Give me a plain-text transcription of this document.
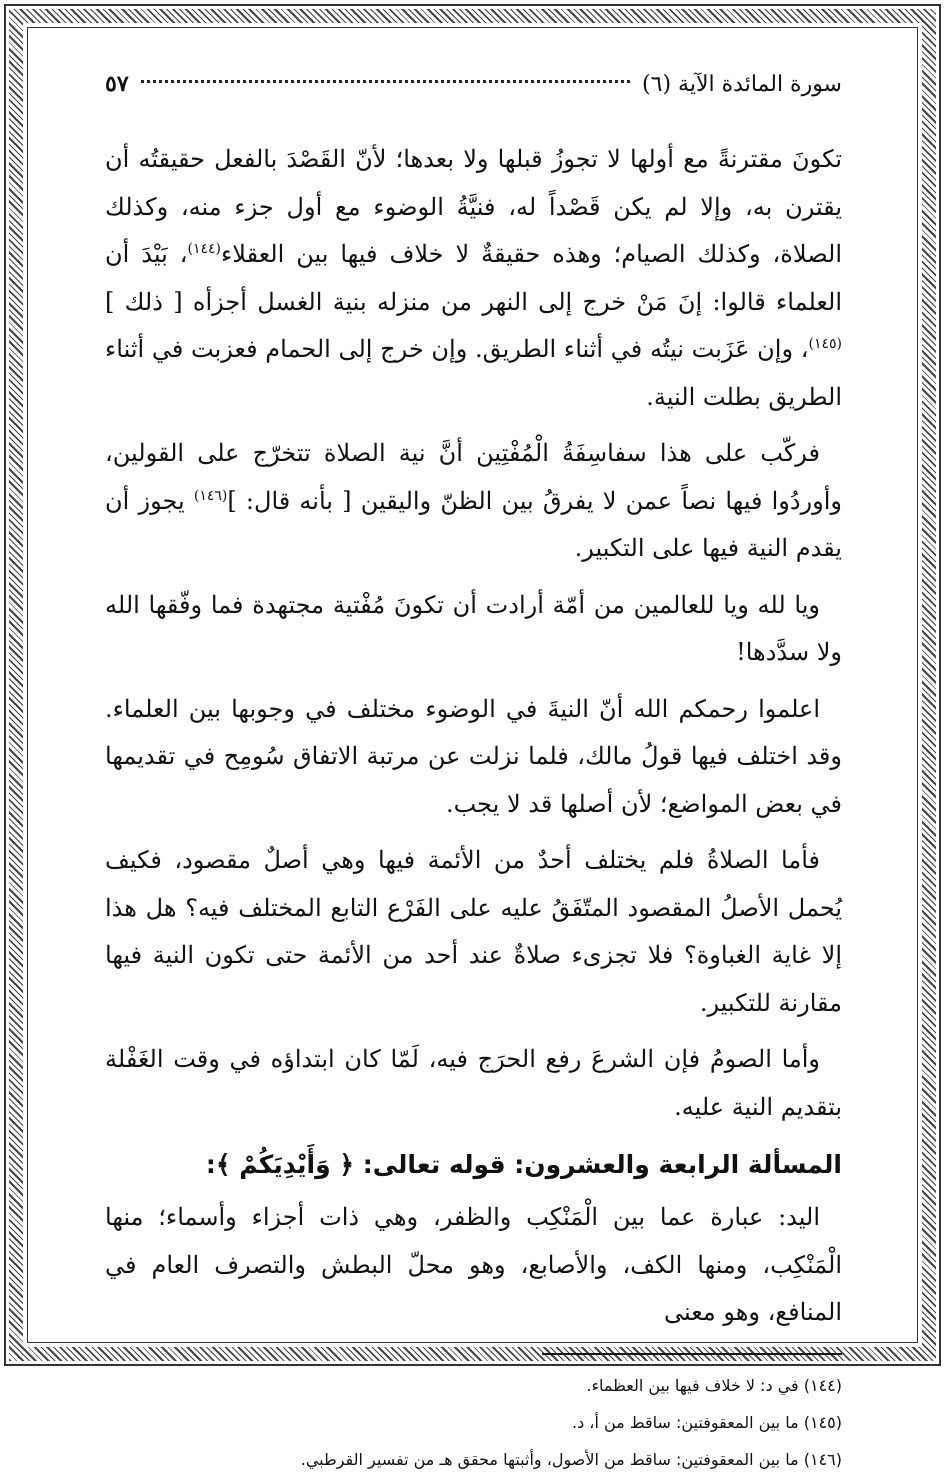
سورة المائدة الآية (٦)
٥٧

تكونَ مقترنةً مع أولها لا تجوزُ قبلها ولا بعدها؛ لأنّ القَصْدَ بالفعل حقيقتُه أن يقترن به، وإلا لم يكن قَصْداً له، فنيَّةُ الوضوء مع أول جزء منه، وكذلك الصلاة، وكذلك الصيام؛ وهذه حقيقةٌ لا خلاف فيها بين العقلاء$^{(١٤٤)}$، بَيْدَ أن العلماء قالوا: إنَ مَنْ خرج إلى النهر من منزله بنية الغسل أجزأه [ ذلك ]$^{(١٤٥)}$، وإن عَزَبت نيتُه في أثناء الطريق. وإن خرج إلى الحمام فعزبت في أثناء الطريق بطلت النية.

فركّب على هذا سفاسِفَةُ الْمُفْتِين أنَّ نية الصلاة تتخرّج على القولين، وأوردُوا فيها نصاً عمن لا يفرقُ بين الظنّ واليقين [ بأنه قال: ]$^{(١٤٦)}$ يجوز أن يقدم النية فيها على التكبير.

ويا لله ويا للعالمين من أمّة أرادت أن تكونَ مُفْتية مجتهدة فما وفّقها الله ولا سدَّدها!

اعلموا رحمكم الله أنّ النيةَ في الوضوء مختلف في وجوبها بين العلماء. وقد اختلف فيها قولُ مالك، فلما نزلت عن مرتبة الاتفاق سُومِح في تقديمها في بعض المواضع؛ لأن أصلها قد لا يجب.

فأما الصلاةُ فلم يختلف أحدٌ من الأئمة فيها وهي أصلٌ مقصود، فكيف يُحمل الأصلُ المقصود المتّفَقُ عليه على الفَرْع التابع المختلف فيه؟ هل هذا إلا غاية الغباوة؟ فلا تجزىء صلاةٌ عند أحد من الأئمة حتى تكون النية فيها مقارنة للتكبير.

وأما الصومُ فإن الشرعَ رفع الحرَج فيه، لَمّا كان ابتداؤه في وقت الغَفْلة بتقديم النية عليه.

المسألة الرابعة والعشرون: قوله تعالى: ﴿ وَأَيْدِيَكُمْ ﴾:

اليد: عبارة عما بين الْمَنْكِب والظفر، وهي ذات أجزاء وأسماء؛ منها الْمَنْكِب، ومنها الكف، والأصابع، وهو محلّ البطش والتصرف العام في المنافع، وهو معنى

(١٤٤) في د: لا خلاف فيها بين العظماء.
(١٤٥) ما بين المعقوفتين: ساقط من أ، د.
(١٤٦) ما بين المعقوفتين: ساقط من الأصول، وأثبتها محقق هـ من تفسير القرطبي.
